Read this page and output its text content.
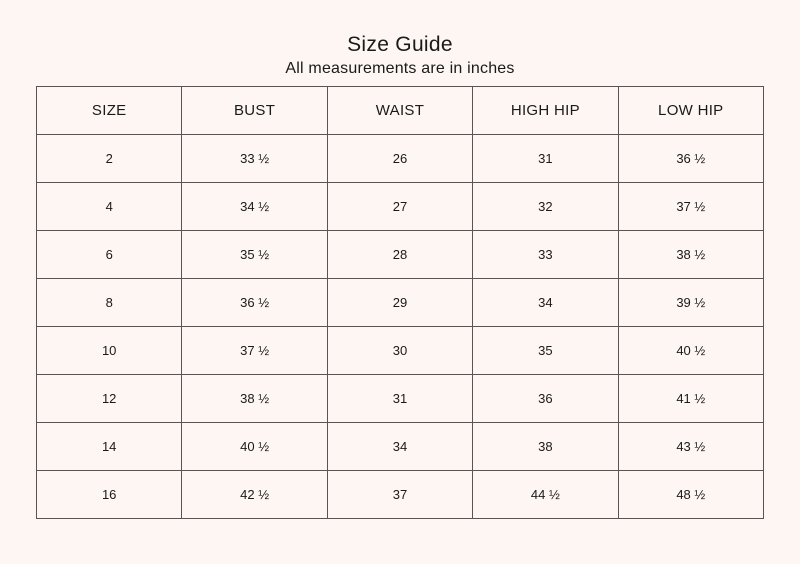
Size Guide
All measurements are in inches
SIZE	BUST	WAIST	HIGH HIP	LOW HIP
2	33 ½	26	31	36 ½
4	34 ½	27	32	37 ½
6	35 ½	28	33	38 ½
8	36 ½	29	34	39 ½
10	37 ½	30	35	40 ½
12	38 ½	31	36	41 ½
14	40 ½	34	38	43 ½
16	42 ½	37	44 ½	48 ½
